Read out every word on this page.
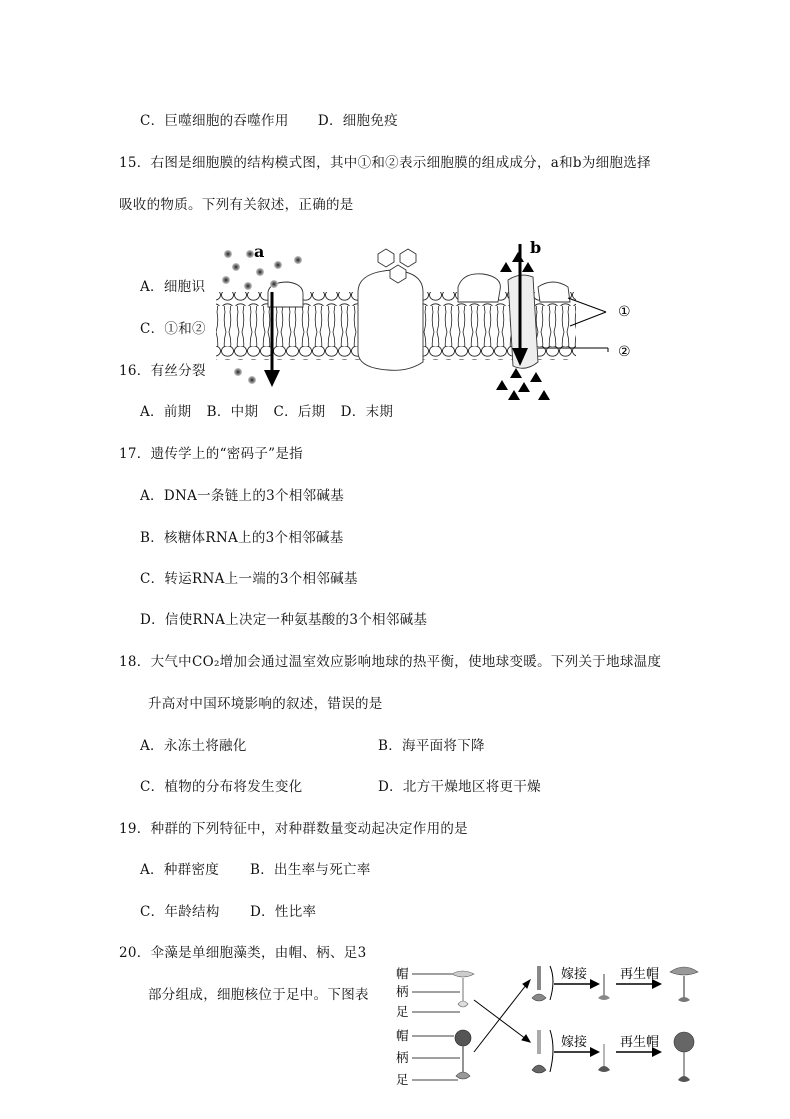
C．巨噬细胞的吞噬作用 D．细胞免疫
15．右图是细胞膜的结构模式图，其中①和②表示细胞膜的组成成分，a和b为细胞选择
吸收的物质。下列有关叙述，正确的是
A．细胞识
C．①和②
16．有丝分裂
A．前期 B．中期 C．后期 D．末期
a	b
①
②
17．遗传学上的“密码子”是指
A．DNA一条链上的3个相邻碱基
B．核糖体RNA上的3个相邻碱基
C．转运RNA上一端的3个相邻碱基
D．信使RNA上决定一种氨基酸的3个相邻碱基
18．大气中CO₂增加会通过温室效应影响地球的热平衡，使地球变暖。下列关于地球温度
升高对中国环境影响的叙述，错误的是
A．永冻土将融化	B．海平面将下降
C．植物的分布将发生变化	D．北方干燥地区将更干燥
19．种群的下列特征中，对种群数量变动起决定作用的是
A．种群密度 B．出生率与死亡率
C．年龄结构 D．性比率
20．伞藻是单细胞藻类，由帽、柄、足3
部分组成，细胞核位于足中。下图表
帽
柄
足
帽
柄
足
嫁接	再生帽
嫁接	再生帽
